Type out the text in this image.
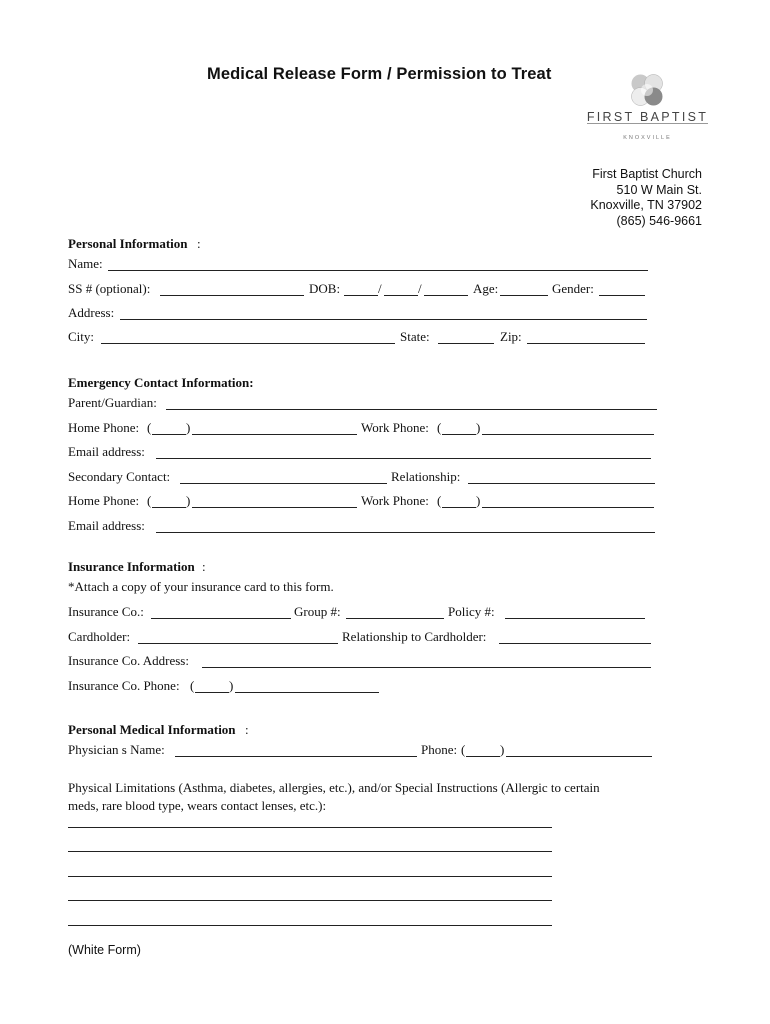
Medical Release Form / Permission to Treat
FIRST BAPTIST
KNOXVILLE
First Baptist Church
510 W Main St.
Knoxville, TN 37902
(865) 546-9661
Personal Information :
Name:
SS # (optional):	DOB:	/	/	Age:	Gender:
Address:
City:	State:	Zip:
Emergency Contact Information:
Parent/Guardian:
Home Phone: (	)	Work Phone: (	)
Email address:
Secondary Contact:	Relationship:
Home Phone: (	)	Work Phone: (	)
Email address:
Insurance Information :
*Attach a copy of your insurance card to this form.
Insurance Co.:	Group #:	Policy #:
Cardholder:	Relationship to Cardholder:
Insurance Co. Address:
Insurance Co. Phone: (	)
Personal Medical Information :
Physician s Name:	Phone: (	)
Physical Limitations (Asthma, diabetes, allergies, etc.), and/or Special Instructions (Allergic to certain
meds, rare blood type, wears contact lenses, etc.):
(White Form)
